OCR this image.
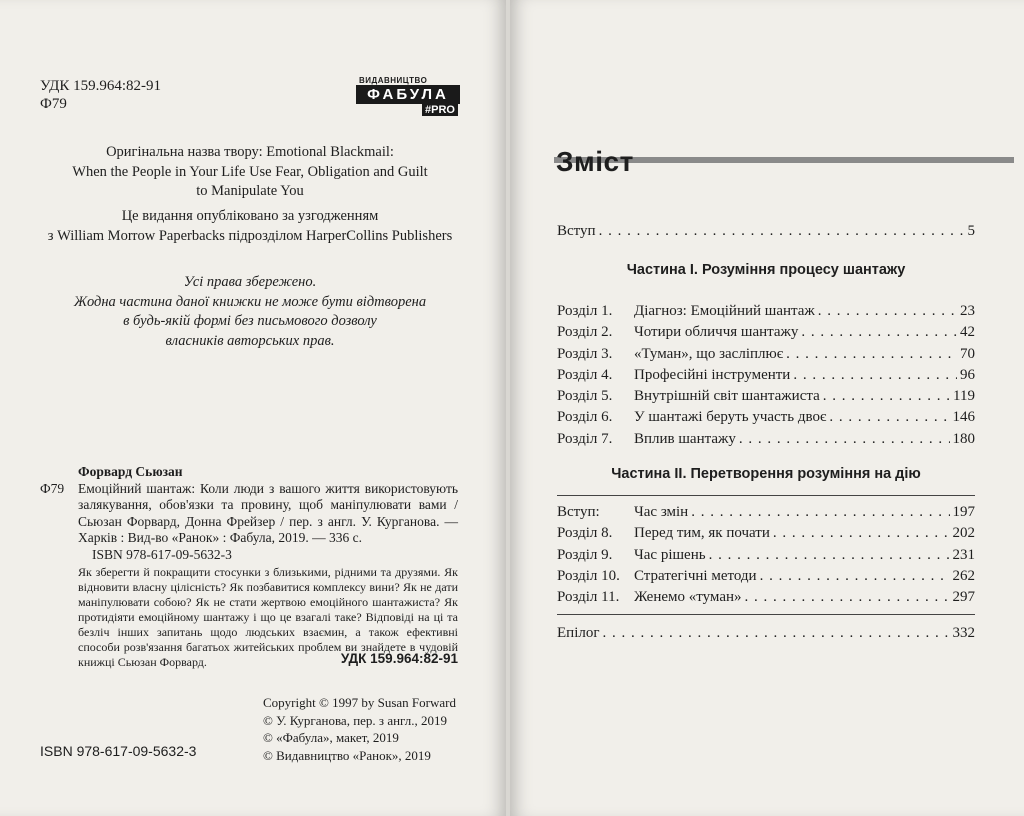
УДК 159.964:82-91
Ф79
ВИДАВНИЦТВО
ФАБУЛА
#PRO
Оригінальна назва твору: Emotional Blackmail:
When the People in Your Life Use Fear, Obligation and Guilt
to Manipulate You
Це видання опубліковано за узгодженням
з William Morrow Paperbacks підрозділом HarperCollins Publishers
Усі права збережено.
Жодна частина даної книжки не може бути відтворена
в будь-якій формі без письмового дозволу
власників авторських прав.
Форвард Сьюзан
Ф79	Емоційний шантаж: Коли люди з вашого життя використовують залякування, обов'язки та провину, щоб маніпулювати вами / Сьюзан Форвард, Донна Фрейзер / пер. з англ. У. Курганова. — Харків : Вид-во «Ранок» : Фабула, 2019. — 336 с.
ISBN 978-617-09-5632-3
Як зберегти й покращити стосунки з близькими, рідними та друзями. Як відновити власну цілісність? Як позбавитися комплексу вини? Як не дати маніпулювати собою? Як не стати жертвою емоційного шантажиста? Як протидіяти емоційному шантажу і що це взагалі таке? Відповіді на ці та безліч інших запитань щодо людських взаємин, а також ефективні способи розв'язання багатьох житейських проблем ви знайдете в чудовій книжці Сьюзан Форвард.	УДК 159.964:82-91
Copyright © 1997 by Susan Forward
© У. Курганова, пер. з англ., 2019
© «Фабула», макет, 2019
© Видавництво «Ранок», 2019
ISBN 978-617-09-5632-3
Зміст
Вступ . . .	5
Частина І. Розуміння процесу шантажу
Розділ 1.	Діагноз: Емоційний шантаж . . .	23
Розділ 2.	Чотири обличчя шантажу . . .	42
Розділ 3.	«Туман», що засліплює . . .	70
Розділ 4.	Професійні інструменти . . .	96
Розділ 5.	Внутрішній світ шантажиста . . .	119
Розділ 6.	У шантажі беруть участь двоє . . .	146
Розділ 7.	Вплив шантажу . . .	180
Частина ІІ. Перетворення розуміння на дію
Вступ:	Час змін . . .	197
Розділ 8.	Перед тим, як почати . . .	202
Розділ 9.	Час рішень . . .	231
Розділ 10. Стратегічні методи . . .	262
Розділ 11. Женемо «туман» . . .	297
Епілог . . .	332
